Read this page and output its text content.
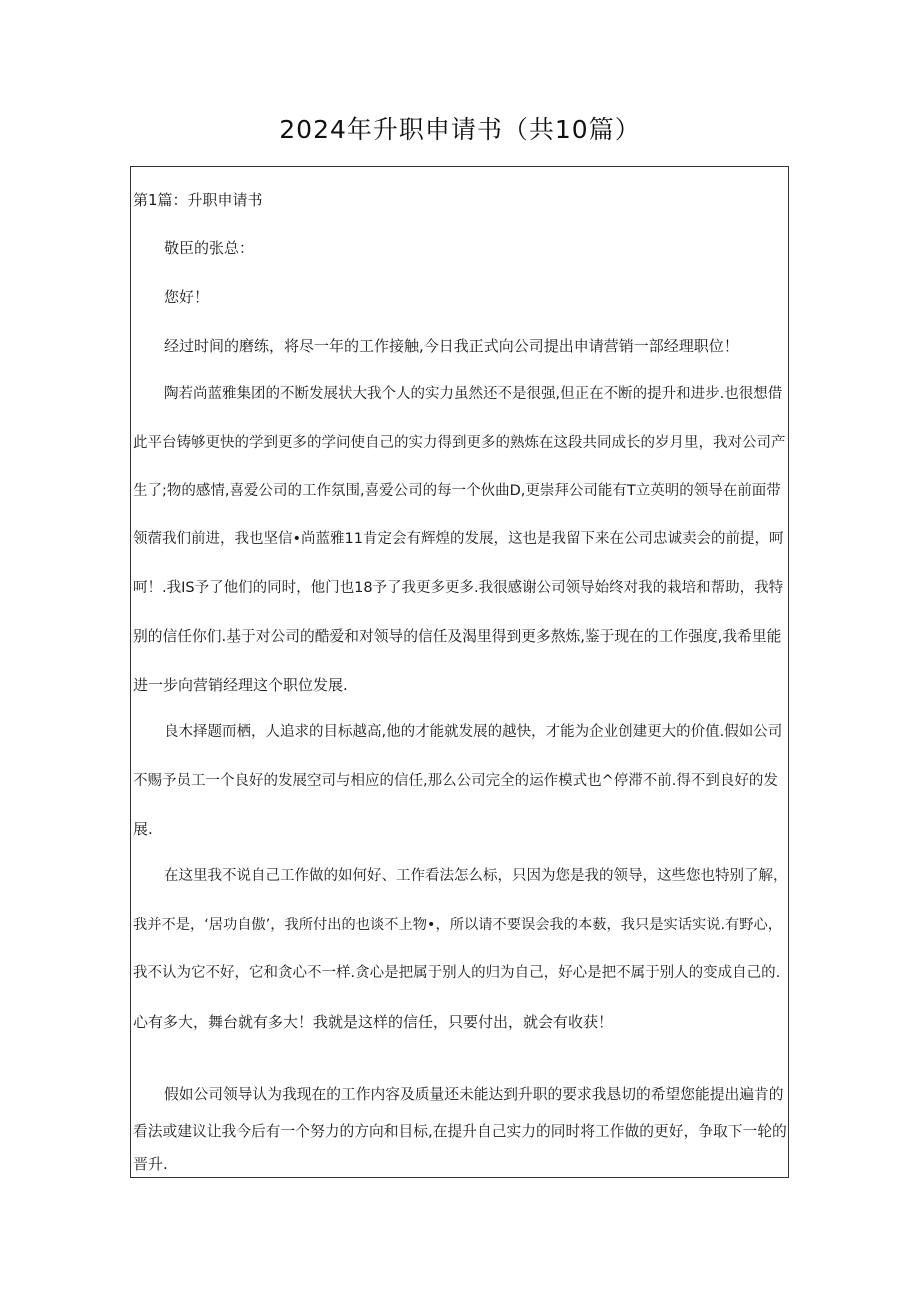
2024年升职申请书（共10篇）
第1篇：升职申请书
敬臣的张总：
您好！
经过时间的磨练，将尽一年的工作接触,今日我正式向公司提出申请营销一部经理职位！
陶若尚蓝雅集团的不断发展状大我个人的实力虽然还不是很强,但正在不断的提升和进步.也很想借
此平台铸够更快的学到更多的学问使自己的实力得到更多的熟炼在这段共同成长的岁月里，我对公司产
生了;物的感情,喜爱公司的工作氛围,喜爱公司的每一个伙曲D,更崇拜公司能有T立英明的领导在前面带
领蓿我们前进，我也坚信•尚蓝雅11肯定会有辉煌的发展，这也是我留下来在公司忠诚卖会的前提，呵
呵！.我IS予了他们的同时，他门也18予了我更多更多.我很感谢公司领导始终对我的栽培和帮助，我特
别的信任你们.基于对公司的酷爱和对领导的信任及渴里得到更多熬炼,鉴于现在的工作强度,我希里能
进一步向营销经理这个职位发展.
良木择题而栖，人追求的目标越高,他的才能就发展的越快，才能为企业创建更大的价值.假如公司
不赐予员工一个良好的发展空司与相应的信任,那么公司完全的运作模式也^停滞不前.得不到良好的发
展.
在这里我不说自己工作做的如何好、工作看法怎么标，只因为您是我的领导，这些您也特别了解，
我并不是，‘居功自傲’，我所付出的也谈不上物•，所以请不要误会我的本薮，我只是实话实说.有野心，
我不认为它不好，它和贪心不一样.贪心是把属于别人的归为自己，好心是把不属于别人的变成自己的.
心有多大，舞台就有多大！我就是这样的信任，只要付出，就会有收获！
假如公司领导认为我现在的工作内容及质量还未能达到升职的要求我恳切的希望您能提出遍肯的
看法或建议让我今后有一个努力的方向和目标,在提升自己实力的同时将工作做的更好，争取下一轮的
晋升.
